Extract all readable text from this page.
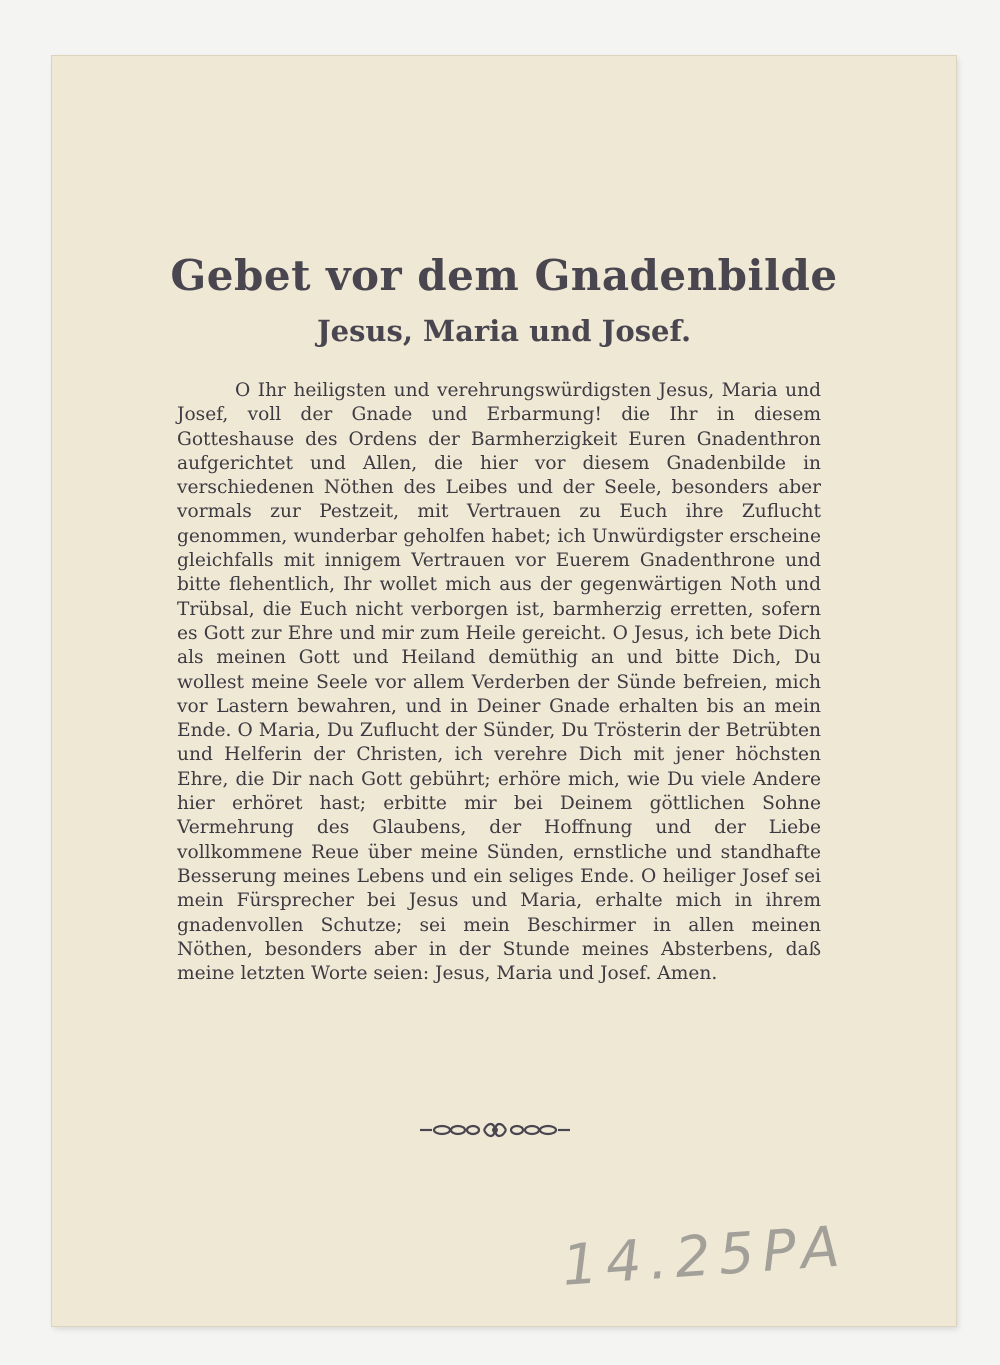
Gebet vor dem Gnadenbilde
Jesus, Maria und Josef.

O Ihr heiligsten und verehrungswürdigsten Jesus, Maria und Josef, voll der Gnade und Erbarmung! die Ihr in diesem Gotteshause des Ordens der Barmherzigkeit Euren Gnadenthron aufgerichtet und Allen, die hier vor diesem Gnadenbilde in verschiedenen Nöthen des Leibes und der Seele, besonders aber vormals zur Pestzeit, mit Vertrauen zu Euch ihre Zuflucht genommen, wunderbar geholfen habet; ich Unwürdigster erscheine gleichfalls mit innigem Vertrauen vor Euerem Gnadenthrone und bitte flehentlich, Ihr wollet mich aus der gegenwärtigen Noth und Trübsal, die Euch nicht verborgen ist, barmherzig erretten, sofern es Gott zur Ehre und mir zum Heile gereicht. O Jesus, ich bete Dich als meinen Gott und Heiland demüthig an und bitte Dich, Du wollest meine Seele vor allem Verderben der Sünde befreien, mich vor Lastern bewahren, und in Deiner Gnade erhalten bis an mein Ende. O Maria, Du Zuflucht der Sünder, Du Trösterin der Betrübten und Helferin der Christen, ich verehre Dich mit jener höchsten Ehre, die Dir nach Gott gebührt; erhöre mich, wie Du viele Andere hier erhöret hast; erbitte mir bei Deinem göttlichen Sohne Vermehrung des Glaubens, der Hoffnung und der Liebe vollkommene Reue über meine Sünden, ernstliche und standhafte Besserung meines Lebens und ein seliges Ende. O heiliger Josef sei mein Fürsprecher bei Jesus und Maria, erhalte mich in ihrem gnadenvollen Schutze; sei mein Beschirmer in allen meinen Nöthen, besonders aber in der Stunde meines Absterbens, daß meine letzten Worte seien: Jesus, Maria und Josef. Amen.

14.25PA
